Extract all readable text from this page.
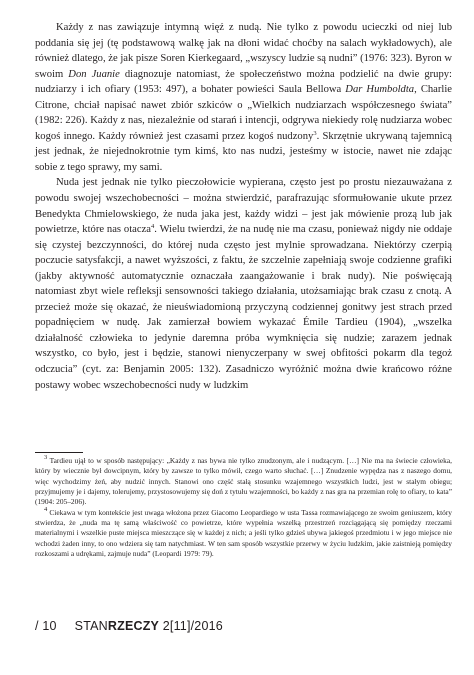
Każdy z nas zawiązuje intymną więź z nudą. Nie tylko z powodu ucieczki od niej lub poddania się jej (tę podstawową walkę jak na dłoni widać choćby na salach wykładowych), ale również dlatego, że jak pisze Soren Kierkegaard, „wszyscy ludzie są nudni” (1976: 323). Byron w swoim Don Juanie diagnozuje natomiast, że społeczeństwo można podzielić na dwie grupy: nudziarzy i ich ofiary (1953: 497), a bohater powieści Saula Bellowa Dar Humboldta, Charlie Citrone, chciał napisać nawet zbiór szkiców o „Wielkich nudziarzach współczesnego świata” (1982: 226). Każdy z nas, niezależnie od starań i intencji, odgrywa niekiedy rolę nudziarza wobec kogoś innego. Każdy również jest czasami przez kogoś nudzony$^3$. Skrzętnie ukrywaną tajemnicą jest jednak, że niejednokrotnie tym kimś, kto nas nudzi, jesteśmy w istocie, nawet nie zdając sobie z tego sprawy, my sami.

Nuda jest jednak nie tylko pieczołowicie wypierana, często jest po prostu niezauważana z powodu swojej wszechobecności – można stwierdzić, parafrazując sformułowanie ukute przez Benedykta Chmielowskiego, że nuda jaka jest, każdy widzi – jest jak mówienie prozą lub jak powietrze, które nas otacza$^4$. Wielu twierdzi, że na nudę nie ma czasu, ponieważ nigdy nie oddaje się czystej bezczynności, do której nuda często jest mylnie sprowadzana. Niektórzy czerpią poczucie satysfakcji, a nawet wyższości, z faktu, że szczelnie zapełniają swoje codzienne grafiki (jakby aktywność automatycznie oznaczała zaangażowanie i brak nudy). Nie poświęcają natomiast zbyt wiele refleksji sensowności takiego działania, utożsamiając brak czasu z cnotą. A przecież może się okazać, że nieuświadomioną przyczyną codziennej gonitwy jest strach przed popadnięciem w nudę. Jak zamierzał bowiem wykazać Émile Tardieu (1904), „wszelka działalność człowieka to jedynie daremna próba wymknięcia się nudzie; zarazem jednak wszystko, co było, jest i będzie, stanowi nienyczerpany w swej obfitości pokarm dla tegoż odczucia” (cyt. za: Benjamin 2005: 132). Zasadniczo wyróżnić można dwie krańcowo różne postawy wobec wszechobecności nudy w ludzkim

$^3$ Tardieu ujął to w sposób następujący: „Każdy z nas bywa nie tylko znudzonym, ale i nudzącym. […] Nie ma na świecie człowieka, który by wiecznie był dowcipnym, który by zawsze to tylko mówił, czego warto słuchać. […] Znudzenie wypędza nas z naszego domu, więc wychodzimy żeń, aby nudzić innych. Stanowi ono część stałą stosunku wzajemnego wszystkich ludzi, jest w stałym obiegu; przyjmujemy je i dajemy, tolerujemy, przystosowujemy się doń z tytułu wzajemności, bo każdy z nas gra na przemian rolę to ofiary, to kata” (1904: 205–206).

$^4$ Ciekawa w tym kontekście jest uwaga włożona przez Giacomo Leopardiego w usta Tassa rozmawiającego ze swoim geniuszem, który stwierdza, że „nuda ma tę samą właściwość co powietrze, które wypełnia wszelką przestrzeń rozciągającą się pomiędzy rzeczami materialnymi i wszelkie puste miejsca mieszczące się w każdej z nich; a jeśli tylko gdzieś ubywa jakiegoś przedmiotu i w jego miejsce nie wchodzi żaden inny, to ono wdziera się tam natychmiast. W ten sam sposób wszystkie przerwy w życiu ludzkim, jakie zaistnieją pomiędzy rozkoszami a udrękami, zajmuje nuda” (Leopardi 1979: 79).

/ 10 STANRZECZY 2[11]/2016
